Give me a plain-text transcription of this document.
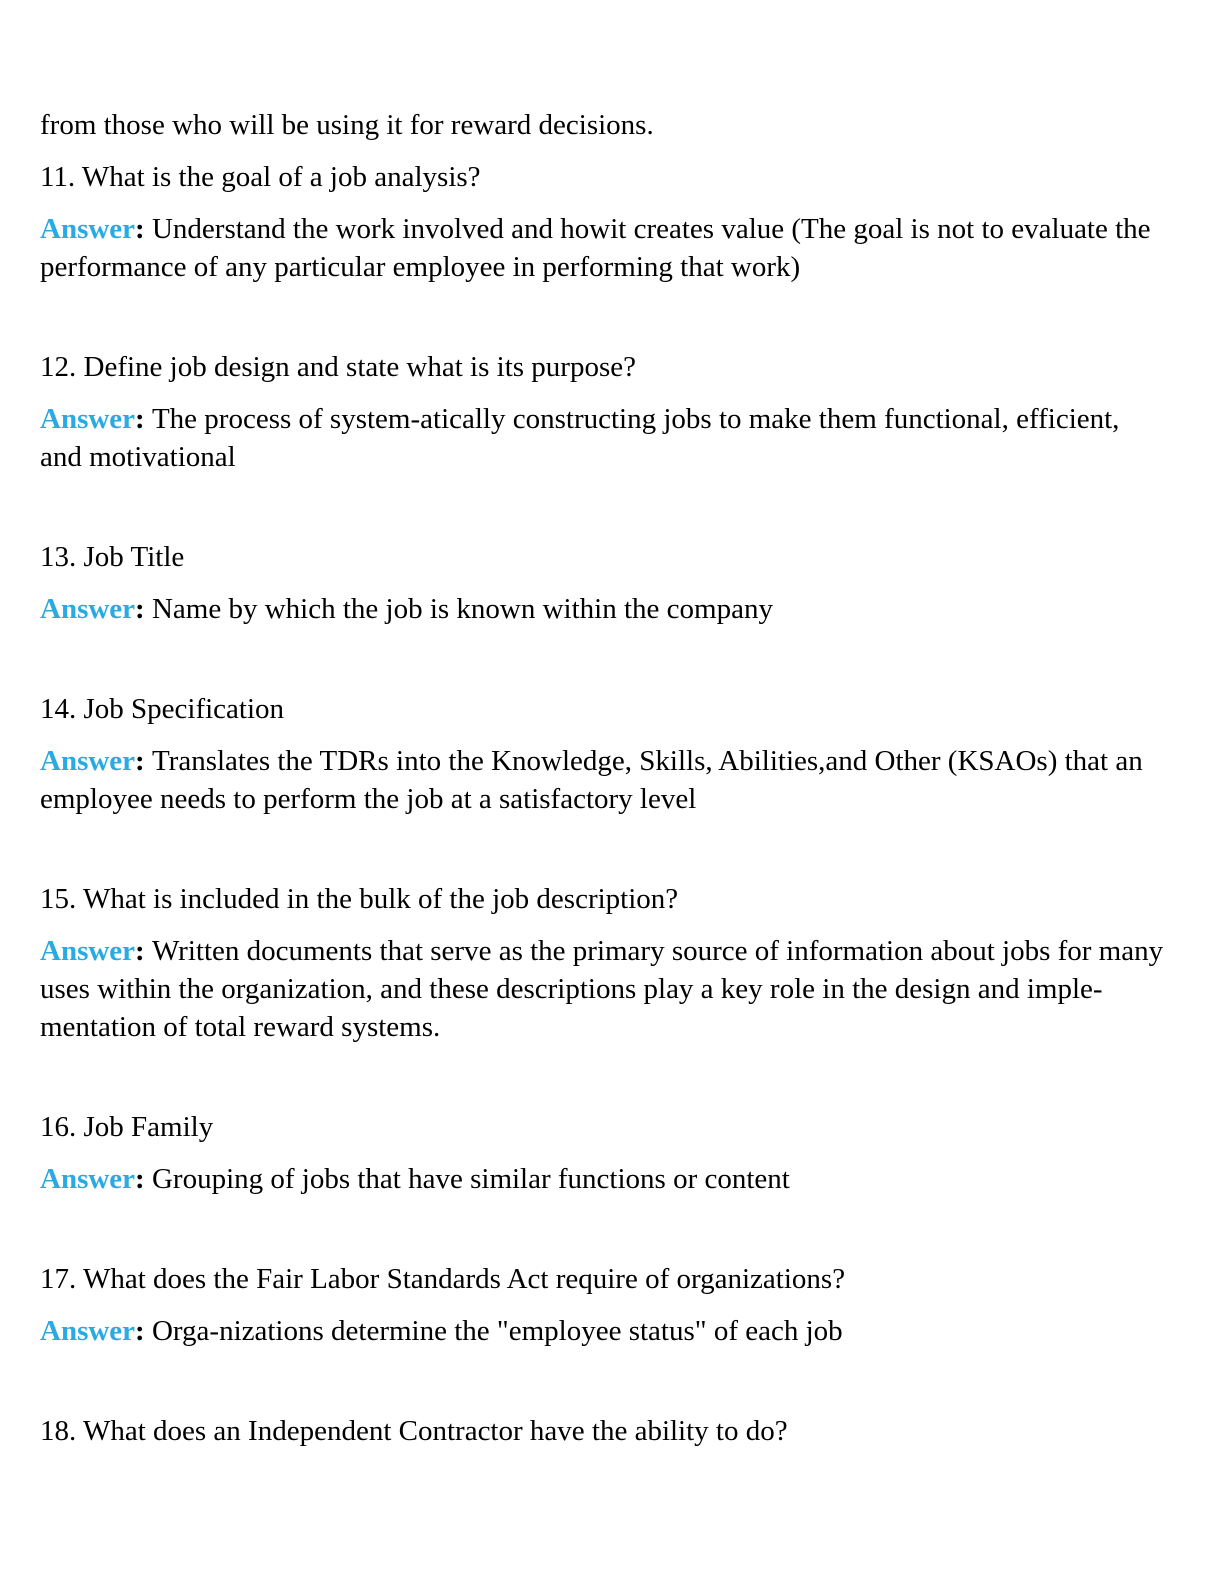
from those who will be using it for reward decisions.

11. What is the goal of a job analysis?

Answer: Understand the work involved and howit creates value (The goal is not to evaluate the performance of any particular employee in performing that work)

12. Define job design and state what is its purpose?

Answer: The process of system-atically constructing jobs to make them functional, efficient, and motivational

13. Job Title

Answer: Name by which the job is known within the company

14. Job Specification

Answer: Translates the TDRs into the Knowledge, Skills, Abilities,and Other (KSAOs) that an employee needs to perform the job at a satisfactory level

15. What is included in the bulk of the job description?

Answer: Written documents that serve as the primary source of information about jobs for many uses within the organization, and these descriptions play a key role in the design and imple-mentation of total reward systems.

16. Job Family

Answer: Grouping of jobs that have similar functions or content

17. What does the Fair Labor Standards Act require of organizations?

Answer: Orga-nizations determine the "employee status" of each job

18. What does an Independent Contractor have the ability to do?
